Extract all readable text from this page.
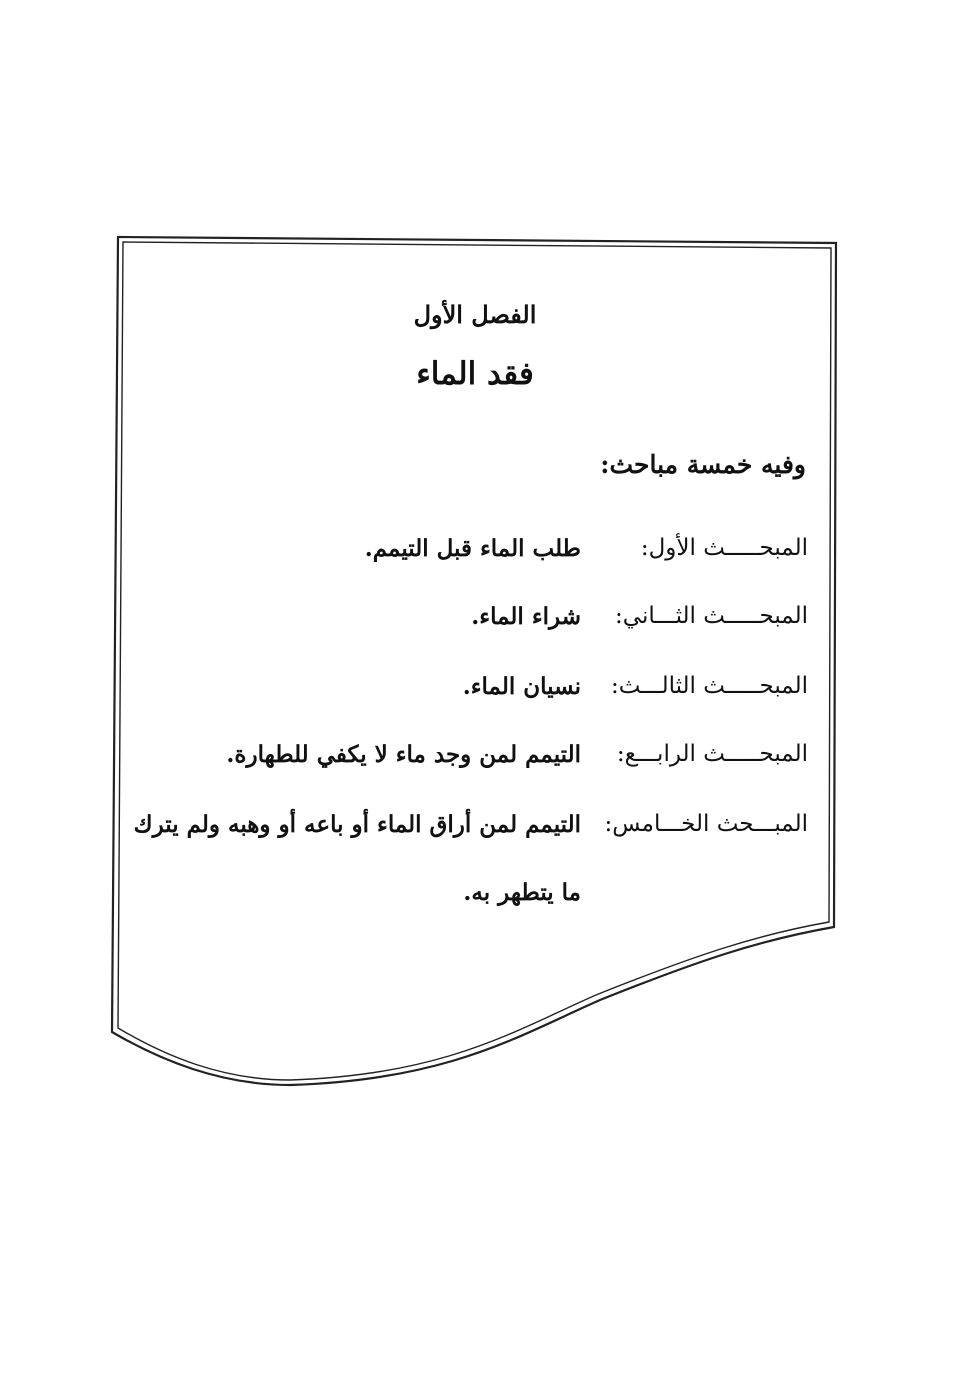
الفصل الأول
فقد الماء

وفيه خمسة مباحث:

المبحـــــث الأول:
طلب الماء قبل التيمم.
المبحـــــث الثـــاني:
شراء الماء.
المبحـــــث الثالـــث:
نسيان الماء.
المبحـــــث الرابـــع:
التيمم لمن وجد ماء لا يكفي للطهارة.
المبـــحث الخـــامس:
التيمم لمن أراق الماء أو باعه أو وهبه ولم يترك ما يتطهر به.
